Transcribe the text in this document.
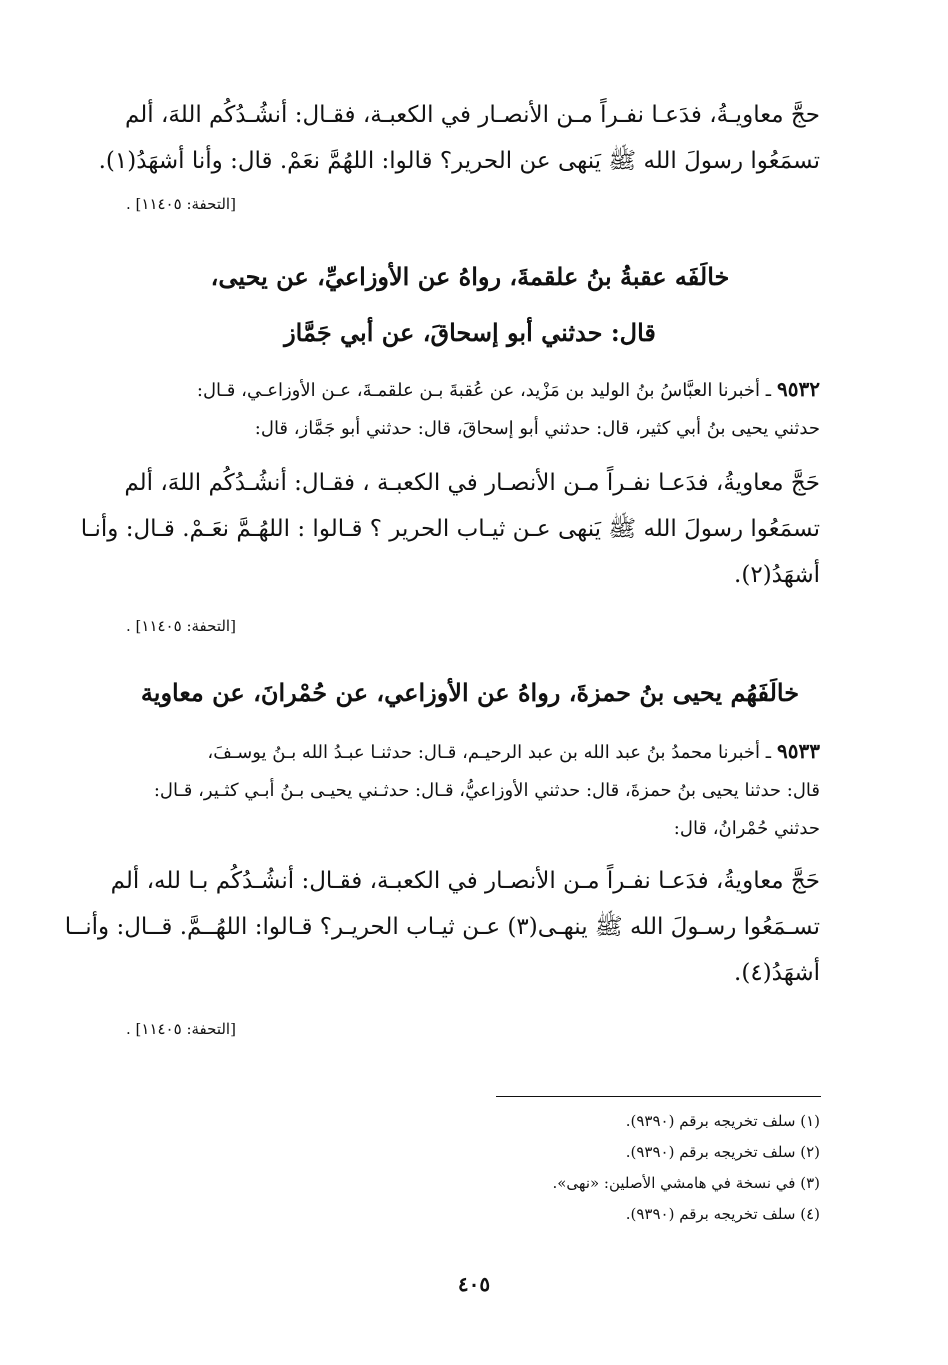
حجَّ معاويـةُ، فدَعـا نفـراً مـن الأنصـار في الكعبـة، فقـال: أنشُـدُكُم اللهَ، ألم
تسمَعُوا رسولَ الله ﷺ يَنهى عن الحرير؟ قالوا: اللهُمَّ نعَمْ. قال: وأنا أشهَدُ(١).
[التحفة: ١١٤٠٥] .
خالَفَه عقبةُ بنُ علقمةَ، رواهُ عن الأوزاعيِّ، عن يحيى،
قال: حدثني أبو إسحاقَ، عن أبي جَمَّاز
٩٥٣٢ـ أخبرنا العبَّاسُ بنُ الوليد بن مَزْيد، عن عُقبةَ بـن علقمـةَ، عـن الأوزاعـي، قـال:
حدثني يحيى بنُ أبي كثير، قال: حدثني أبو إسحاقَ، قال: حدثني أبو جَمَّاز، قال:
حَجَّ معاويةُ، فدَعـا نفـراً مـن الأنصـار في الكعبـة ، فقـال: أنشُـدُكُم اللهَ، ألم
تسمَعُوا رسولَ الله ﷺ يَنهى عـن ثيـاب الحرير ؟ قـالوا : اللهُـمَّ نعَـمْ. قـال: وأنـا
أشهَدُ(٢).
[التحفة: ١١٤٠٥] .
خالَفَهُم يحيى بنُ حمزةَ، رواهُ عن الأوزاعي، عن حُمْرانَ، عن معاوية
٩٥٣٣ـ أخبرنا محمدُ بنُ عبد الله بن عبد الرحيـم، قـال: حدثنـا عبـدُ الله بـنُ يوسـفَ،
قال: حدثنا يحيى بنُ حمزةَ، قال: حدثني الأوزاعيُّ، قـال: حدثـني يحيـى بـنُ أبـي كثـير، قـال:
حدثني حُمْرانُ، قال:
حَجَّ معاويةُ، فدَعـا نفـراً مـن الأنصـار في الكعبـة، فقـال: أنشُـدُكُم بـا لله، ألم
تسـمَعُوا رسـولَ الله ﷺ ينهـى(٣) عـن ثيـاب الحريـر؟ قـالوا: اللهُــمَّ. قــال: وأنــا
أشهَدُ(٤).
[التحفة: ١١٤٠٥] .
(١) سلف تخريجه برقم (٩٣٩٠).
(٢) سلف تخريجه برقم (٩٣٩٠).
(٣) في نسخة في هامشي الأصلين: «نهى».
(٤) سلف تخريجه برقم (٩٣٩٠).
٤٠٥
